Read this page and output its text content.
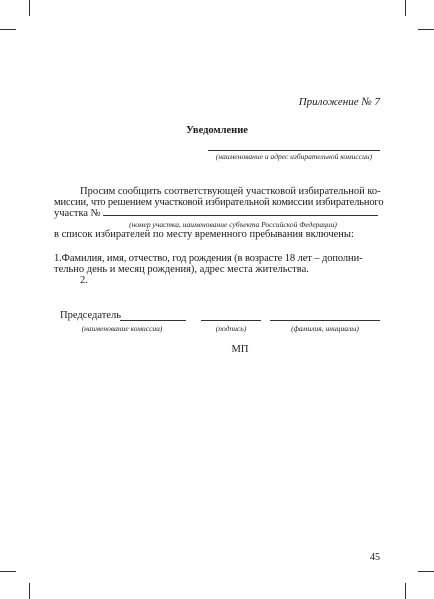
Приложение № 7
Уведомление
(наименование и адрес избирательной комиссии)
Просим сообщить соответствующей участковой избирательной ко-
миссии, что решением участковой избирательной комиссии избирательного
участка №
(номер участка, наименование субъекта Российской Федерации)
в список избирателей по месту временного пребывания включены:
1.Фамилия, имя, отчество, год рождения (в возрасте 18 лет – дополни-
тельно день и месяц рождения), адрес места жительства.
2.
Председатель
(наименование комиссии)	(подпись)	(фамилия, инициалы)
МП
45
